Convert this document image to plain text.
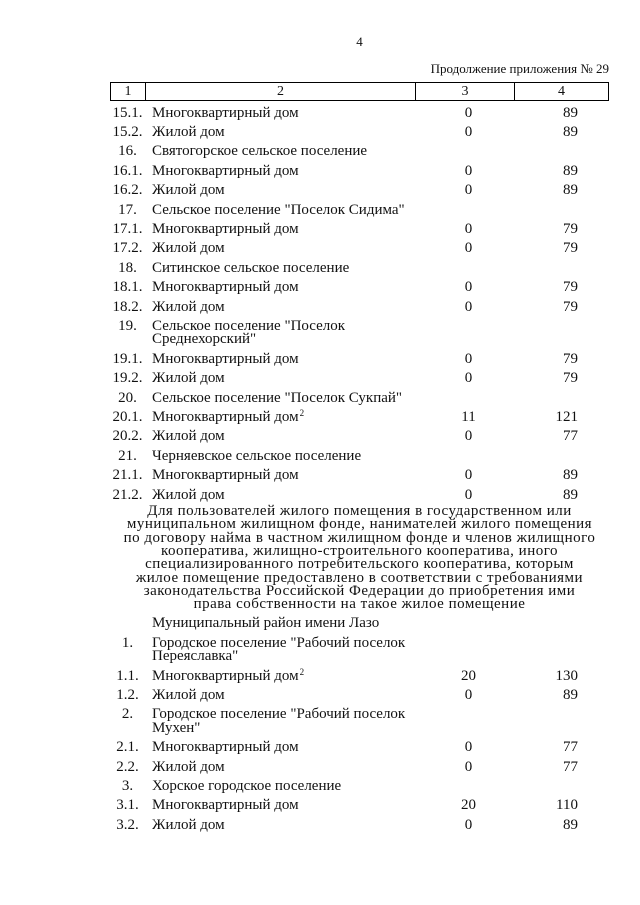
4
Продолжение приложения № 29
1	2	3	4
15.1. Многоквартирный дом	0	89
15.2. Жилой дом	0	89
16.	Святогорское сельское поселение
16.1. Многоквартирный дом	0	89
16.2. Жилой дом	0	89
17.	Сельское поселение "Поселок Сидима"
17.1. Многоквартирный дом	0	79
17.2. Жилой дом	0	79
18.	Ситинское сельское поселение
18.1. Многоквартирный дом	0	79
18.2. Жилой дом	0	79
19.	Сельское поселение "Поселок Среднехорский"
19.1. Многоквартирный дом	0	79
19.2. Жилой дом	0	79
20.	Сельское поселение "Поселок Сукпай"
20.1. Многоквартирный дом$^2$	11	121
20.2. Жилой дом	0	77
21.	Черняевское сельское поселение
21.1. Многоквартирный дом	0	89
21.2. Жилой дом	0	89
Для пользователей жилого помещения в государственном или
муниципальном жилищном фонде, нанимателей жилого помещения
по договору найма в частном жилищном фонде и членов жилищного
кооператива, жилищно-строительного кооператива, иного
специализированного потребительского кооператива, которым
жилое помещение предоставлено в соответствии с требованиями
законодательства Российской Федерации до приобретения ими
права собственности на такое жилое помещение
Муниципальный район имени Лазо
1.	Городское поселение "Рабочий поселок Переяславка"
1.1. Многоквартирный дом$^2$	20	130
1.2. Жилой дом	0	89
2.	Городское поселение "Рабочий поселок Мухен"
2.1. Многоквартирный дом	0	77
2.2. Жилой дом	0	77
3.	Хорское городское поселение
3.1. Многоквартирный дом	20	110
3.2. Жилой дом	0	89
